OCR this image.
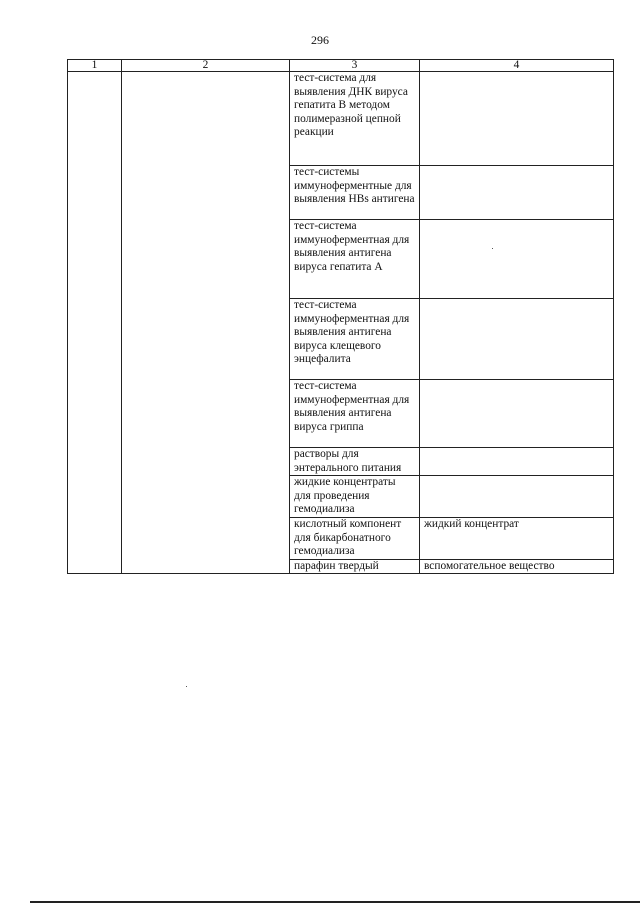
296
1	2	3	4
		тест-система для выявления ДНК вируса гепатита В методом полимеразной цепной реакции	
		тест-системы иммуноферментные для выявления HBs антигена	
		тест-система иммуноферментная для выявления антигена вируса гепатита А	
		тест-система иммуноферментная для выявления антигена вируса клещевого энцефалита	
		тест-система иммуноферментная для выявления антигена вируса гриппа	
		растворы для энтерального питания	
		жидкие концентраты для проведения гемодиализа	
		кислотный компонент для бикарбонатного гемодиализа	жидкий концентрат
		парафин твердый	вспомогательное вещество
